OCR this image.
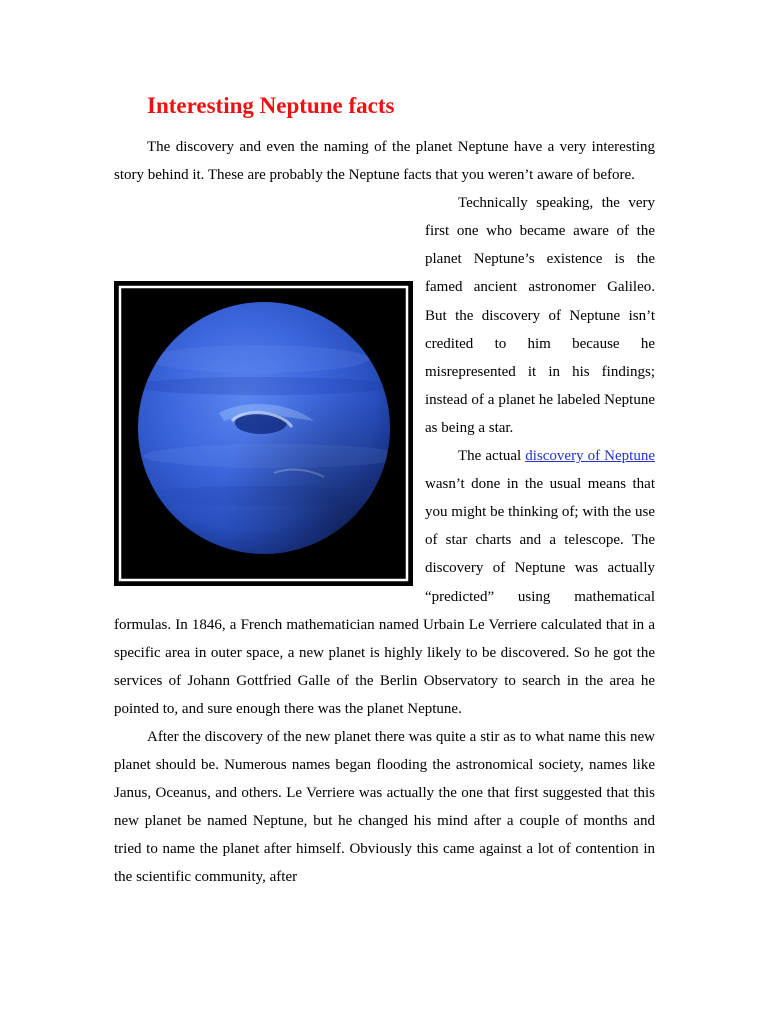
Interesting Neptune facts

The discovery and even the naming of the planet Neptune have a very interesting story behind it. These are probably the Neptune facts that you weren’t aware of before.

Technically speaking, the very first one who became aware of the planet Neptune’s existence is the famed ancient astronomer Galileo. But the discovery of Neptune isn’t credited to him because he misrepresented it in his findings; instead of a planet he labeled Neptune as being a star.

The actual discovery of Neptune wasn’t done in the usual means that you might be thinking of; with the use of star charts and a telescope. The discovery of Neptune was actually “predicted” using mathematical formulas. In 1846, a French mathematician named Urbain Le Verriere calculated that in a specific area in outer space, a new planet is highly likely to be discovered. So he got the services of Johann Gottfried Galle of the Berlin Observatory to search in the area he pointed to, and sure enough there was the planet Neptune.

After the discovery of the new planet there was quite a stir as to what name this new planet should be. Numerous names began flooding the astronomical society, names like Janus, Oceanus, and others. Le Verriere was actually the one that first suggested that this new planet be named Neptune, but he changed his mind after a couple of months and tried to name the planet after himself. Obviously this came against a lot of contention in the scientific community, after
